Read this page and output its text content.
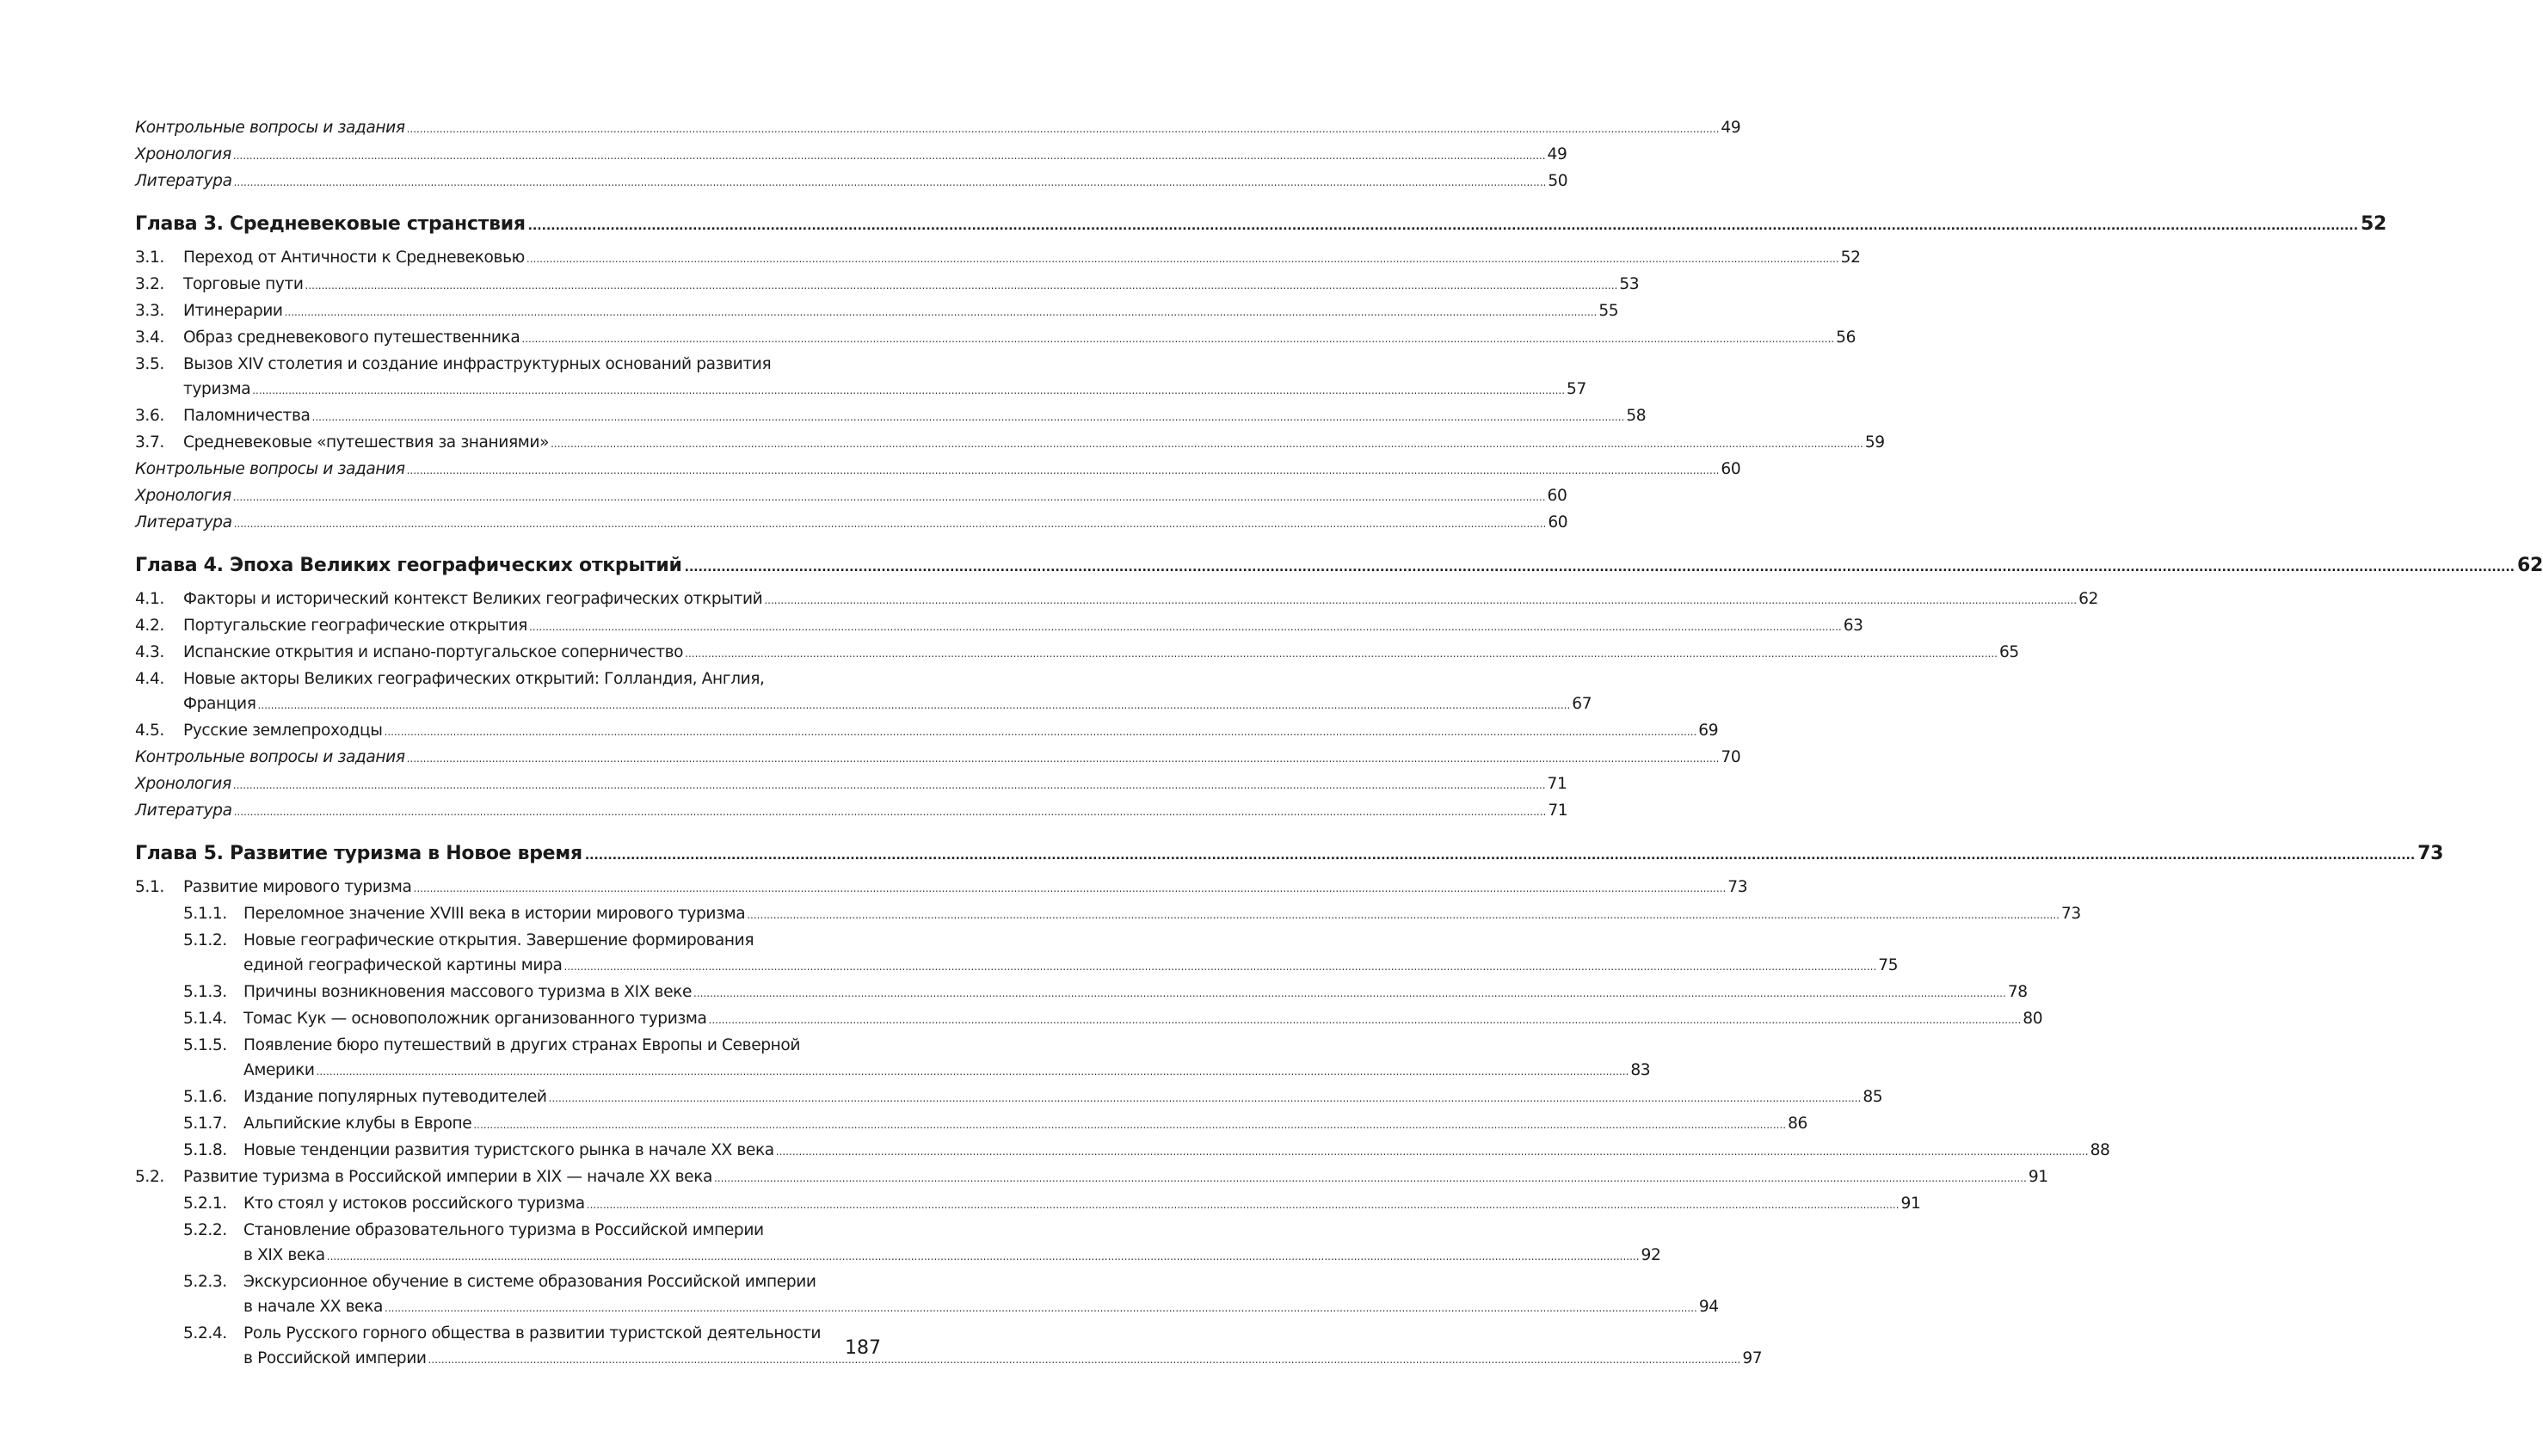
Контрольные вопросы и задания ................................................................................................................................................................................................................................................................................................................................................................................................................ 49
Хронология ................................................................................................................................................................................................................................................................................................................................................................................................................ 49
Литература ................................................................................................................................................................................................................................................................................................................................................................................................................ 50
Глава 3. Средневековые странствия ................................................................................................................................................................................................................................................................................................................................................................................................................ 52
3.1.	Переход от Античности к Средневековью ................................................................................................................................................................................................................................................................................................................................................................................................................ 52
3.2.	Торговые пути ................................................................................................................................................................................................................................................................................................................................................................................................................ 53
3.3.	Итинерарии ................................................................................................................................................................................................................................................................................................................................................................................................................ 55
3.4.	Образ средневекового путешественника ................................................................................................................................................................................................................................................................................................................................................................................................................ 56
3.5.	Вызов XIV столетия и создание инфраструктурных оснований развития
туризма ................................................................................................................................................................................................................................................................................................................................................................................................................ 57
3.6.	Паломничества ................................................................................................................................................................................................................................................................................................................................................................................................................ 58
3.7.	Средневековые «путешествия за знаниями» ................................................................................................................................................................................................................................................................................................................................................................................................................ 59
Контрольные вопросы и задания ................................................................................................................................................................................................................................................................................................................................................................................................................ 60
Хронология ................................................................................................................................................................................................................................................................................................................................................................................................................ 60
Литература ................................................................................................................................................................................................................................................................................................................................................................................................................ 60
Глава 4. Эпоха Великих географических открытий ................................................................................................................................................................................................................................................................................................................................................................................................................ 62
4.1.	Факторы и исторический контекст Великих географических открытий ................................................................................................................................................................................................................................................................................................................................................................................................................ 62
4.2.	Португальские географические открытия ................................................................................................................................................................................................................................................................................................................................................................................................................ 63
4.3.	Испанские открытия и испано-португальское соперничество ................................................................................................................................................................................................................................................................................................................................................................................................................ 65
4.4.	Новые акторы Великих географических открытий: Голландия, Англия,
Франция ................................................................................................................................................................................................................................................................................................................................................................................................................ 67
4.5.	Русские землепроходцы ................................................................................................................................................................................................................................................................................................................................................................................................................ 69
Контрольные вопросы и задания ................................................................................................................................................................................................................................................................................................................................................................................................................ 70
Хронология ................................................................................................................................................................................................................................................................................................................................................................................................................ 71
Литература ................................................................................................................................................................................................................................................................................................................................................................................................................ 71
Глава 5. Развитие туризма в Новое время ................................................................................................................................................................................................................................................................................................................................................................................................................ 73
5.1.	Развитие мирового туризма ................................................................................................................................................................................................................................................................................................................................................................................................................ 73
5.1.1.	Переломное значение XVIII века в истории мирового туризма ................................................................................................................................................................................................................................................................................................................................................................................................................ 73
5.1.2.	Новые географические открытия. Завершение формирования
единой географической картины мира ................................................................................................................................................................................................................................................................................................................................................................................................................ 75
5.1.3.	Причины возникновения массового туризма в XIX веке ................................................................................................................................................................................................................................................................................................................................................................................................................ 78
5.1.4.	Томас Кук — основоположник организованного туризма ................................................................................................................................................................................................................................................................................................................................................................................................................ 80
5.1.5.	Появление бюро путешествий в других странах Европы и Северной
Америки ................................................................................................................................................................................................................................................................................................................................................................................................................ 83
5.1.6.	Издание популярных путеводителей ................................................................................................................................................................................................................................................................................................................................................................................................................ 85
5.1.7.	Альпийские клубы в Европе ................................................................................................................................................................................................................................................................................................................................................................................................................ 86
5.1.8.	Новые тенденции развития туристского рынка в начале XX века ................................................................................................................................................................................................................................................................................................................................................................................................................ 88
5.2.	Развитие туризма в Российской империи в XIX — начале XX века ................................................................................................................................................................................................................................................................................................................................................................................................................ 91
5.2.1.	Кто стоял у истоков российского туризма ................................................................................................................................................................................................................................................................................................................................................................................................................ 91
5.2.2.	Становление образовательного туризма в Российской империи
в XIX века ................................................................................................................................................................................................................................................................................................................................................................................................................ 92
5.2.3.	Экскурсионное обучение в системе образования Российской империи
в начале XX века ................................................................................................................................................................................................................................................................................................................................................................................................................ 94
5.2.4.	Роль Русского горного общества в развитии туристской деятельности
в Российской империи ................................................................................................................................................................................................................................................................................................................................................................................................................ 97
187
